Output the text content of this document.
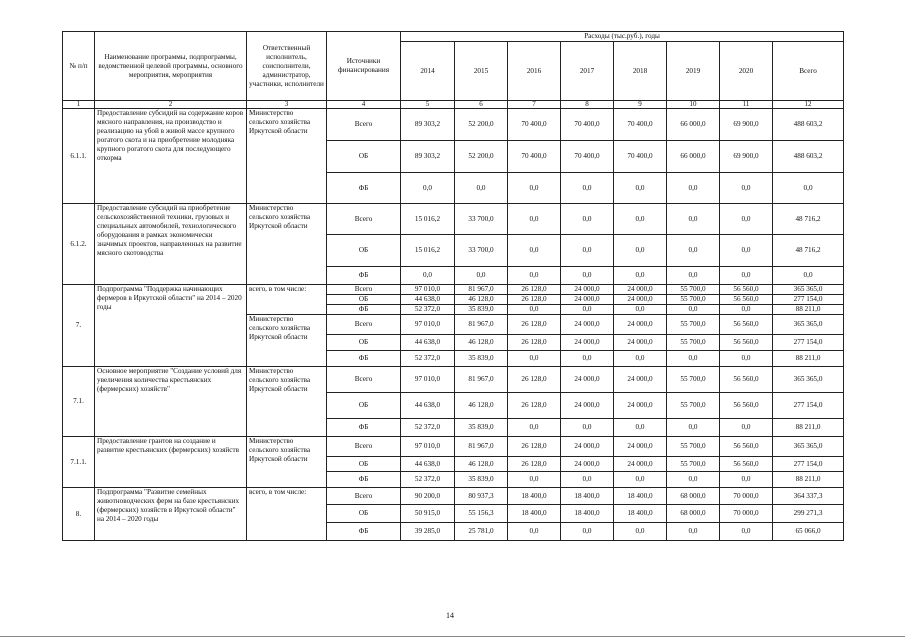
№ п/п	Наименование программы, подпрограммы, ведомственной целевой программы, основного мероприятия, мероприятия	Ответственный исполнитель, соисполнители, администратор, участники, исполнители	Источники финансирования	Расходы (тыс.руб.), годы							
				2014	2015	2016	2017	2018	2019	2020	Всего
1	2	3	4	5	6	7	8	9	10	11	12
6.1.1.	Предоставление субсидий на содержание коров мясного направления, на производство и реализацию на убой в живой массе крупного рогатого скота и на приобретение молодняка крупного рогатого скота для последующего откорма	Министерство сельского хозяйства Иркутской области	Всего	89 303,2	52 200,0	70 400,0	70 400,0	70 400,0	66 000,0	69 900,0	488 603,2
			ОБ	89 303,2	52 200,0	70 400,0	70 400,0	70 400,0	66 000,0	69 900,0	488 603,2
			ФБ	0,0	0,0	0,0	0,0	0,0	0,0	0,0	0,0
6.1.2.	Предоставление субсидий на приобретение сельскохозяйственной техники, грузовых и специальных автомобилей, технологического оборудования в рамках экономически значимых проектов, направленных на развитие мясного скотоводства	Министерство сельского хозяйства Иркутской области	Всего	15 016,2	33 700,0	0,0	0,0	0,0	0,0	0,0	48 716,2
			ОБ	15 016,2	33 700,0	0,0	0,0	0,0	0,0	0,0	48 716,2
			ФБ	0,0	0,0	0,0	0,0	0,0	0,0	0,0	0,0
7.	Подпрограмма "Поддержка начинающих фермеров в Иркутской области" на 2014 – 2020 годы	всего, в том числе:	Всего	97 010,0	81 967,0	26 128,0	24 000,0	24 000,0	55 700,0	56 560,0	365 365,0
			ОБ	44 638,0	46 128,0	26 128,0	24 000,0	24 000,0	55 700,0	56 560,0	277 154,0
			ФБ	52 372,0	35 839,0	0,0	0,0	0,0	0,0	0,0	88 211,0
		Министерство сельского хозяйства Иркутской области	Всего	97 010,0	81 967,0	26 128,0	24 000,0	24 000,0	55 700,0	56 560,0	365 365,0
			ОБ	44 638,0	46 128,0	26 128,0	24 000,0	24 000,0	55 700,0	56 560,0	277 154,0
			ФБ	52 372,0	35 839,0	0,0	0,0	0,0	0,0	0,0	88 211,0
7.1.	Основное мероприятие "Создание условий для увеличения количества крестьянских (фермерских) хозяйств"	Министерство сельского хозяйства Иркутской области	Всего	97 010,0	81 967,0	26 128,0	24 000,0	24 000,0	55 700,0	56 560,0	365 365,0
			ОБ	44 638,0	46 128,0	26 128,0	24 000,0	24 000,0	55 700,0	56 560,0	277 154,0
			ФБ	52 372,0	35 839,0	0,0	0,0	0,0	0,0	0,0	88 211,0
7.1.1.	Предоставление грантов на создание и развитие крестьянских (фермерских) хозяйств	Министерство сельского хозяйства Иркутской области	Всего	97 010,0	81 967,0	26 128,0	24 000,0	24 000,0	55 700,0	56 560,0	365 365,0
			ОБ	44 638,0	46 128,0	26 128,0	24 000,0	24 000,0	55 700,0	56 560,0	277 154,0
			ФБ	52 372,0	35 839,0	0,0	0,0	0,0	0,0	0,0	88 211,0
8.	Подпрограмма "Развитие семейных животноводческих ферм на базе крестьянских (фермерских) хозяйств в Иркутской области" на 2014 – 2020 годы	всего, в том числе:	Всего	90 200,0	80 937,3	18 400,0	18 400,0	18 400,0	68 000,0	70 000,0	364 337,3
			ОБ	50 915,0	55 156,3	18 400,0	18 400,0	18 400,0	68 000,0	70 000,0	299 271,3
			ФБ	39 285,0	25 781,0	0,0	0,0	0,0	0,0	0,0	65 066,0
14
